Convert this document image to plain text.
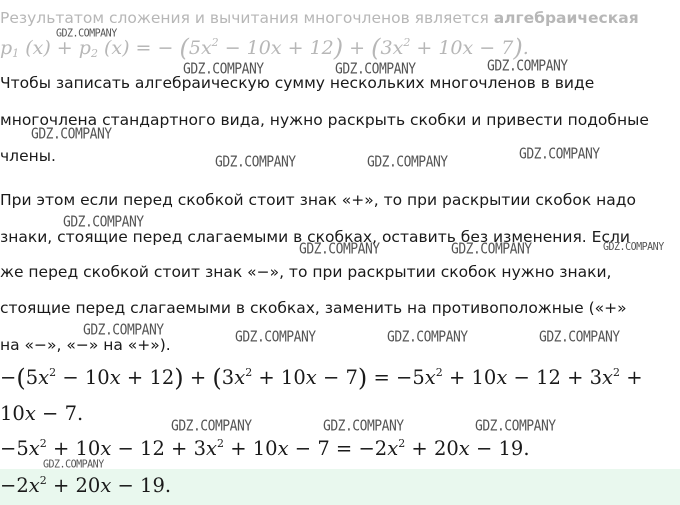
Результатом сложения и вычитания многочленов является алгебраическая
$p_1$ $(x) + p_2$ (x) = − $(5x^2 - 10x + 12) + (3x^2 + 10x - 7)$.
Чтобы записать алгебраическую сумму нескольких многочленов в виде
многочлена стандартного вида, нужно раскрыть скобки и привести подобные
члены.
При этом если перед скобкой стоит знак «+», то при раскрытии скобок надо
знаки, стоящие перед слагаемыми в скобках, оставить без изменения. Если
же перед скобкой стоит знак «−», то при раскрытии скобок нужно знаки,
стоящие перед слагаемыми в скобках, заменить на противоположные («+»
на «−», «−» на «+»).
$-(5x^2 - 10x + 12) + (3x^2 + 10x - 7) = -5x^2 + 10x - 12 + 3x^2$ +
10x − 7.
$-5x^2 + 10x - 12 + 3x^2 + 10x - 7 = -2x^2 + 20x - 19$.
$-2x^2 + 20x - 19$.
GDZ.COMPANY
GDZ.COMPANY	GDZ.COMPANY	GDZ.COMPANY
GDZ.COMPANY
GDZ.COMPANY	GDZ.COMPANY	GDZ.COMPANY
GDZ.COMPANY
GDZ.COMPANY	GDZ.COMPANY	GDZ.COMPANY
GDZ.COMPANY	GDZ.COMPANY	GDZ.COMPANY	GDZ.COMPANY
GDZ.COMPANY	GDZ.COMPANY	GDZ.COMPANY
GDZ.COMPANY
